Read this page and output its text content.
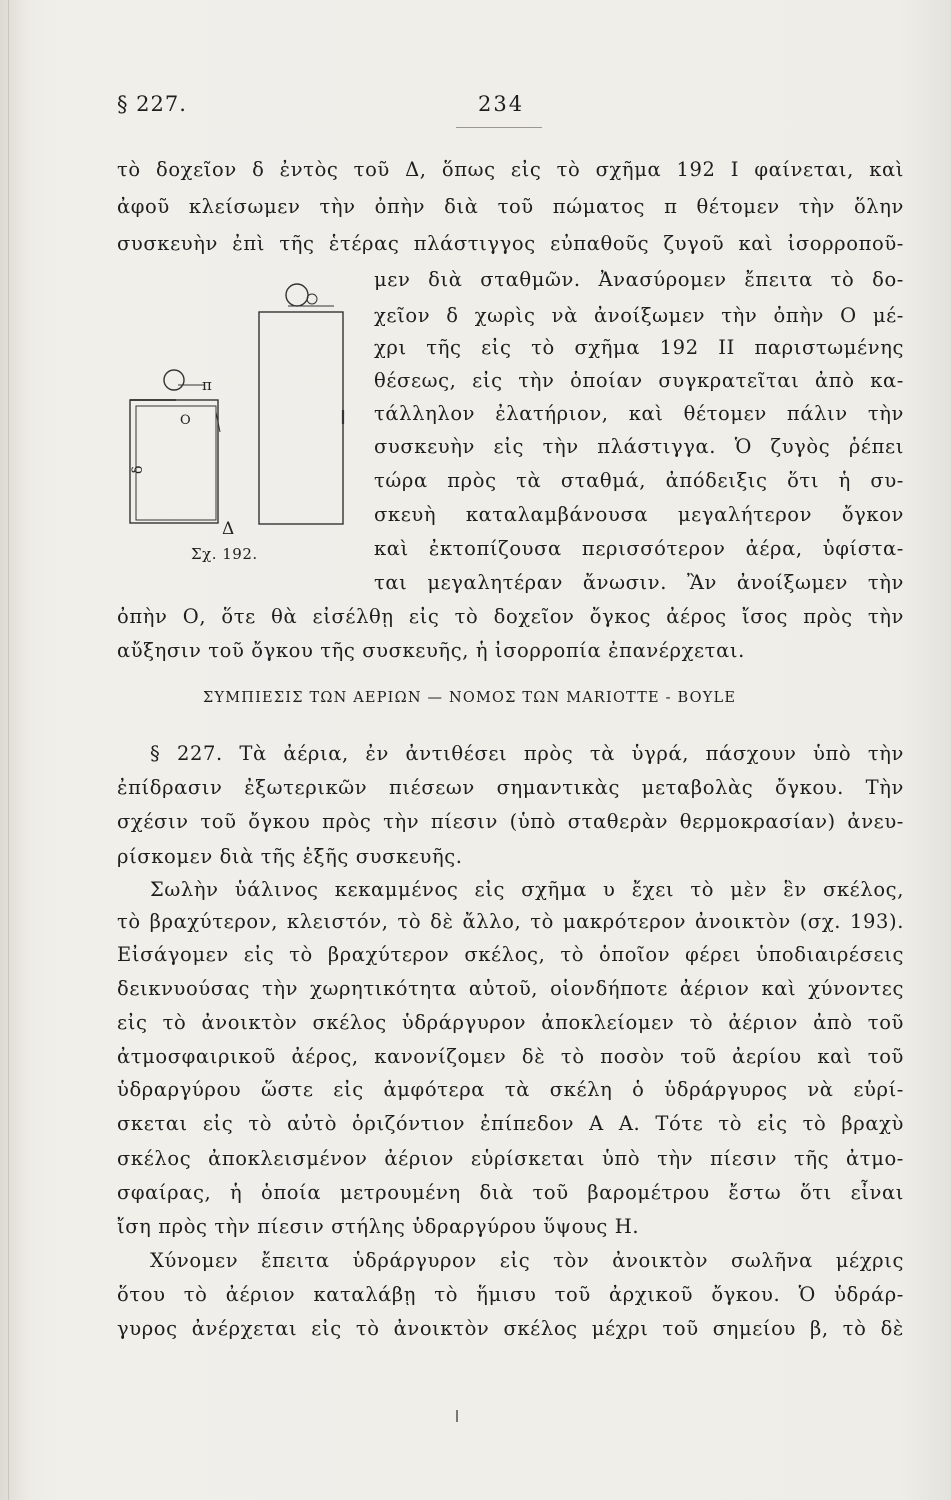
§ 227.	234
τὸ δοχεῖον δ ἐντὸς τοῦ Δ, ὅπως εἰς τὸ σχῆμα 192 I φαίνεται, καὶ
ἀφοῦ κλείσωμεν τὴν ὀπὴν διὰ τοῦ πώματος π θέτομεν τὴν ὅλην
συσκευὴν ἐπὶ τῆς ἑτέρας πλάστιγγος εὐπαθοῦς ζυγοῦ καὶ ἰσορροποῦ-
π
Ο
δ
Δ
Σχ. 192.
μεν διὰ σταθμῶν. Ἀνασύρομεν ἔπειτα τὸ δο-
χεῖον δ χωρὶς νὰ ἀνοίξωμεν τὴν ὀπὴν Ο μέ-
χρι τῆς εἰς τὸ σχῆμα 192 II παριστωμένης
θέσεως, εἰς τὴν ὁποίαν συγκρατεῖται ἀπὸ κα-
τάλληλον ἐλατήριον, καὶ θέτομεν πάλιν τὴν
συσκευὴν εἰς τὴν πλάστιγγα. Ὁ ζυγὸς ῥέπει
τώρα πρὸς τὰ σταθμά, ἀπόδειξις ὅτι ἡ συ-
σκευὴ καταλαμβάνουσα μεγαλήτερον ὄγκον
καὶ ἐκτοπίζουσα περισσότερον ἀέρα, ὑφίστα-
ται μεγαλητέραν ἄνωσιν. Ἂν ἀνοίξωμεν τὴν
ὀπὴν Ο, ὅτε θὰ εἰσέλθῃ εἰς τὸ δοχεῖον ὄγκος ἀέρος ἴσος πρὸς τὴν
αὔξησιν τοῦ ὄγκου τῆς συσκευῆς, ἡ ἰσορροπία ἐπανέρχεται.
ΣΥΜΠΙΕΣΙΣ ΤΩΝ ΑΕΡΙΩΝ — ΝΟΜΟΣ ΤΩΝ MARIOTTE - BOYLE
§ 227. Τὰ ἀέρια, ἐν ἀντιθέσει πρὸς τὰ ὑγρά, πάσχουν ὑπὸ τὴν
ἐπίδρασιν ἐξωτερικῶν πιέσεων σημαντικὰς μεταβολὰς ὄγκου. Τὴν
σχέσιν τοῦ ὄγκου πρὸς τὴν πίεσιν (ὑπὸ σταθερὰν θερμοκρασίαν) ἀνευ-
ρίσκομεν διὰ τῆς ἑξῆς συσκευῆς.
Σωλὴν ὑάλινος κεκαμμένος εἰς σχῆμα υ ἔχει τὸ μὲν ἓν σκέλος,
τὸ βραχύτερον, κλειστόν, τὸ δὲ ἄλλο, τὸ μακρότερον ἀνοικτὸν (σχ. 193).
Εἰσάγομεν εἰς τὸ βραχύτερον σκέλος, τὸ ὁποῖον φέρει ὑποδιαιρέσεις
δεικνυούσας τὴν χωρητικότητα αὐτοῦ, οἱονδήποτε ἀέριον καὶ χύνοντες
εἰς τὸ ἀνοικτὸν σκέλος ὑδράργυρον ἀποκλείομεν τὸ ἀέριον ἀπὸ τοῦ
ἀτμοσφαιρικοῦ ἀέρος, κανονίζομεν δὲ τὸ ποσὸν τοῦ ἀερίου καὶ τοῦ
ὑδραργύρου ὥστε εἰς ἀμφότερα τὰ σκέλη ὁ ὑδράργυρος νὰ εὑρί-
σκεται εἰς τὸ αὐτὸ ὁριζόντιον ἐπίπεδον Α Α. Τότε τὸ εἰς τὸ βραχὺ
σκέλος ἀποκλεισμένον ἀέριον εὑρίσκεται ὑπὸ τὴν πίεσιν τῆς ἀτμο-
σφαίρας, ἡ ὁποία μετρουμένη διὰ τοῦ βαρομέτρου ἔστω ὅτι εἶναι
ἴση πρὸς τὴν πίεσιν στήλης ὑδραργύρου ὕψους Η.
Χύνομεν ἔπειτα ὑδράργυρον εἰς τὸν ἀνοικτὸν σωλῆνα μέχρις
ὅτου τὸ ἀέριον καταλάβῃ τὸ ἥμισυ τοῦ ἀρχικοῦ ὄγκου. Ὁ ὑδράρ-
γυρος ἀνέρχεται εἰς τὸ ἀνοικτὸν σκέλος μέχρι τοῦ σημείου β, τὸ δὲ
